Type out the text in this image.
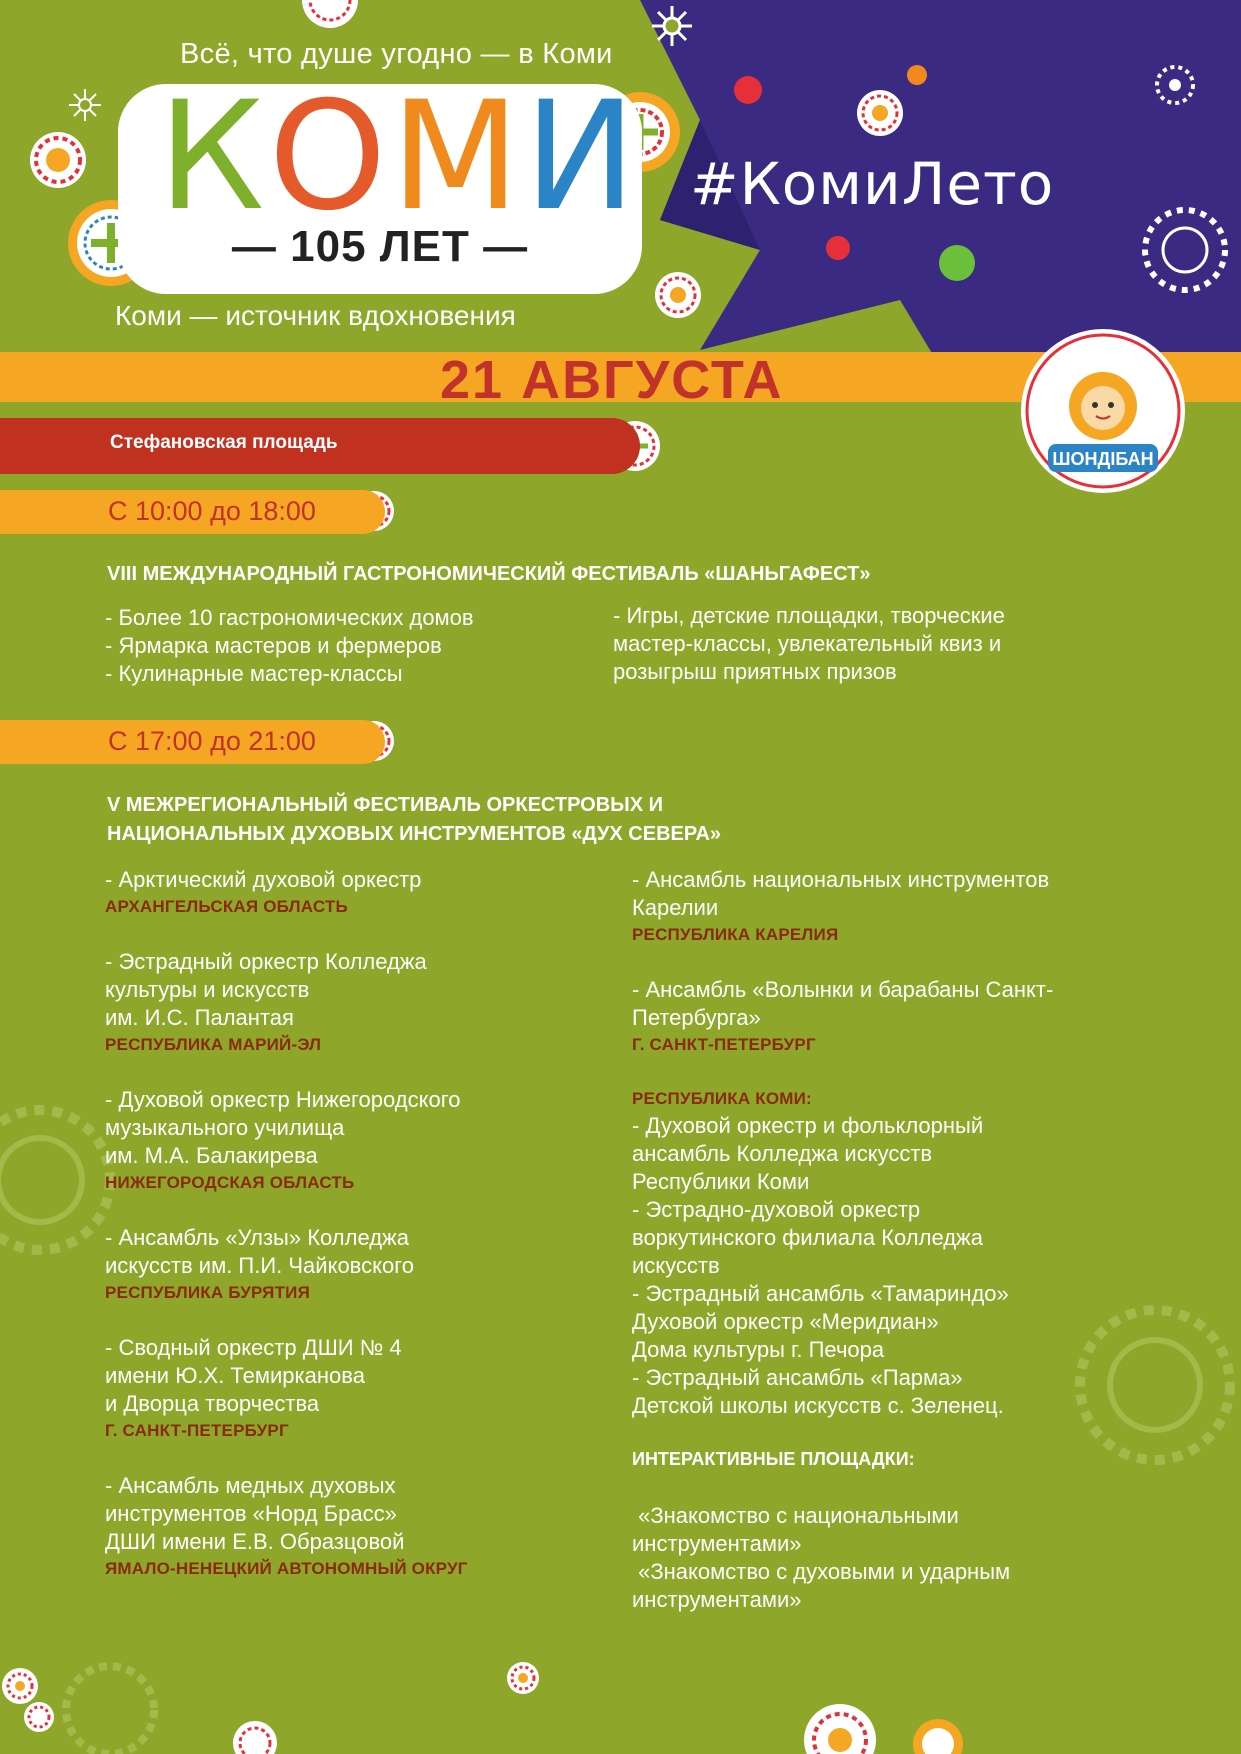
Всё, что душе угодно — в Коми
КОМИ
— 105 ЛЕТ —
Коми — источник вдохновения
#КомиЛето
21 АВГУСТА
ШОНДІБАН
Стефановская площадь
С 10:00 до 18:00
VIII МЕЖДУНАРОДНЫЙ ГАСТРОНОМИЧЕСКИЙ ФЕСТИВАЛЬ «ШАНЬГАФЕСТ»
- Более 10 гастрономических домов
- Ярмарка мастеров и фермеров
- Кулинарные мастер-классы
- Игры, детские площадки, творческие
мастер-классы, увлекательный квиз и
розыгрыш приятных призов
С 17:00 до 21:00
V МЕЖРЕГИОНАЛЬНЫЙ ФЕСТИВАЛЬ ОРКЕСТРОВЫХ И
НАЦИОНАЛЬНЫХ ДУХОВЫХ ИНСТРУМЕНТОВ «ДУХ СЕВЕРА»
- Арктический духовой оркестр
АРХАНГЕЛЬСКАЯ ОБЛАСТЬ
- Эстрадный оркестр Колледжа
культуры и искусств
им. И.С. Палантая
РЕСПУБЛИКА МАРИЙ-ЭЛ
- Духовой оркестр Нижегородского
музыкального училища
им. М.А. Балакирева
НИЖЕГОРОДСКАЯ ОБЛАСТЬ
- Ансамбль «Улзы» Колледжа
искусств им. П.И. Чайковского
РЕСПУБЛИКА БУРЯТИЯ
- Сводный оркестр ДШИ № 4
имени Ю.Х. Темирканова
и Дворца творчества
Г. САНКТ-ПЕТЕРБУРГ
- Ансамбль медных духовых
инструментов «Норд Брасс»
ДШИ имени Е.В. Образцовой
ЯМАЛО-НЕНЕЦКИЙ АВТОНОМНЫЙ ОКРУГ
- Ансамбль национальных инструментов
Карелии
РЕСПУБЛИКА КАРЕЛИЯ
- Ансамбль «Волынки и барабаны Санкт-
Петербурга»
Г. САНКТ-ПЕТЕРБУРГ
РЕСПУБЛИКА КОМИ:
- Духовой оркестр и фольклорный
ансамбль Колледжа искусств
Республики Коми
- Эстрадно-духовой оркестр
воркутинского филиала Колледжа
искусств
- Эстрадный ансамбль «Тамариндо»
Духовой оркестр «Меридиан»
Дома культуры г. Печора
- Эстрадный ансамбль «Парма»
Детской школы искусств с. Зеленец.
ИНТЕРАКТИВНЫЕ ПЛОЩАДКИ:
«Знакомство с национальными
инструментами»
«Знакомство с духовыми и ударным
инструментами»
